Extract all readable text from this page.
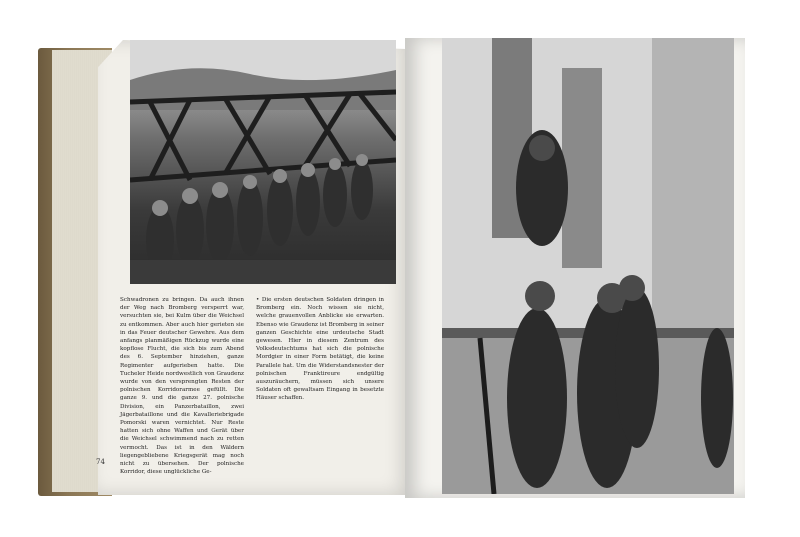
Schwadronen zu bringen. Da auch ihnen der Weg nach Bromberg versperrt war, versuchten sie, bei Kulm über die Weichsel zu entkommen. Aber auch hier gerieten sie in das Feuer deutscher Gewehre. Aus dem anfangs planmäßigen Rückzug wurde eine kopflose Flucht, die sich bis zum Abend des 6. September hinziehen, ganze Regimenter aufgerieben hatte. Die Tucheler Heide nordwestlich von Graudenz wurde von den versprengten Resten der polnischen Korridorarmee gefüllt. Die ganze 9. und die ganze 27. polnische Division, ein Panzerbataillon, zwei Jägerbataillone und die Kavalleriebrigade Pomorski waren vernichtet. Nur Reste hatten sich ohne Waffen und Gerät über die Weichsel schwimmend nach zu retten vermocht. Das ist in den Wäldern liegengebliebene Kriegsgerät mag noch nicht zu übersehen. Der polnische Korridor, diese unglückliche Ge-
• Die ersten deutschen Soldaten dringen in Bromberg ein. Noch wissen sie nicht, welche grauenvollen Anblicke sie erwarten. Ebenso wie Graudenz ist Bromberg in seiner ganzen Geschichte eine urdeutsche Stadt gewesen. Hier in diesem Zentrum des Volksdeutschtums hat sich die polnische Mordgier in einer Form betätigt, die keine Parallele hat. Um die Widerstandsnester der polnischen Franktireure endgültig auszuräuchern, müssen sich unsere Soldaten oft gewaltsam Eingang in besetzte Häuser schaffen.
74
